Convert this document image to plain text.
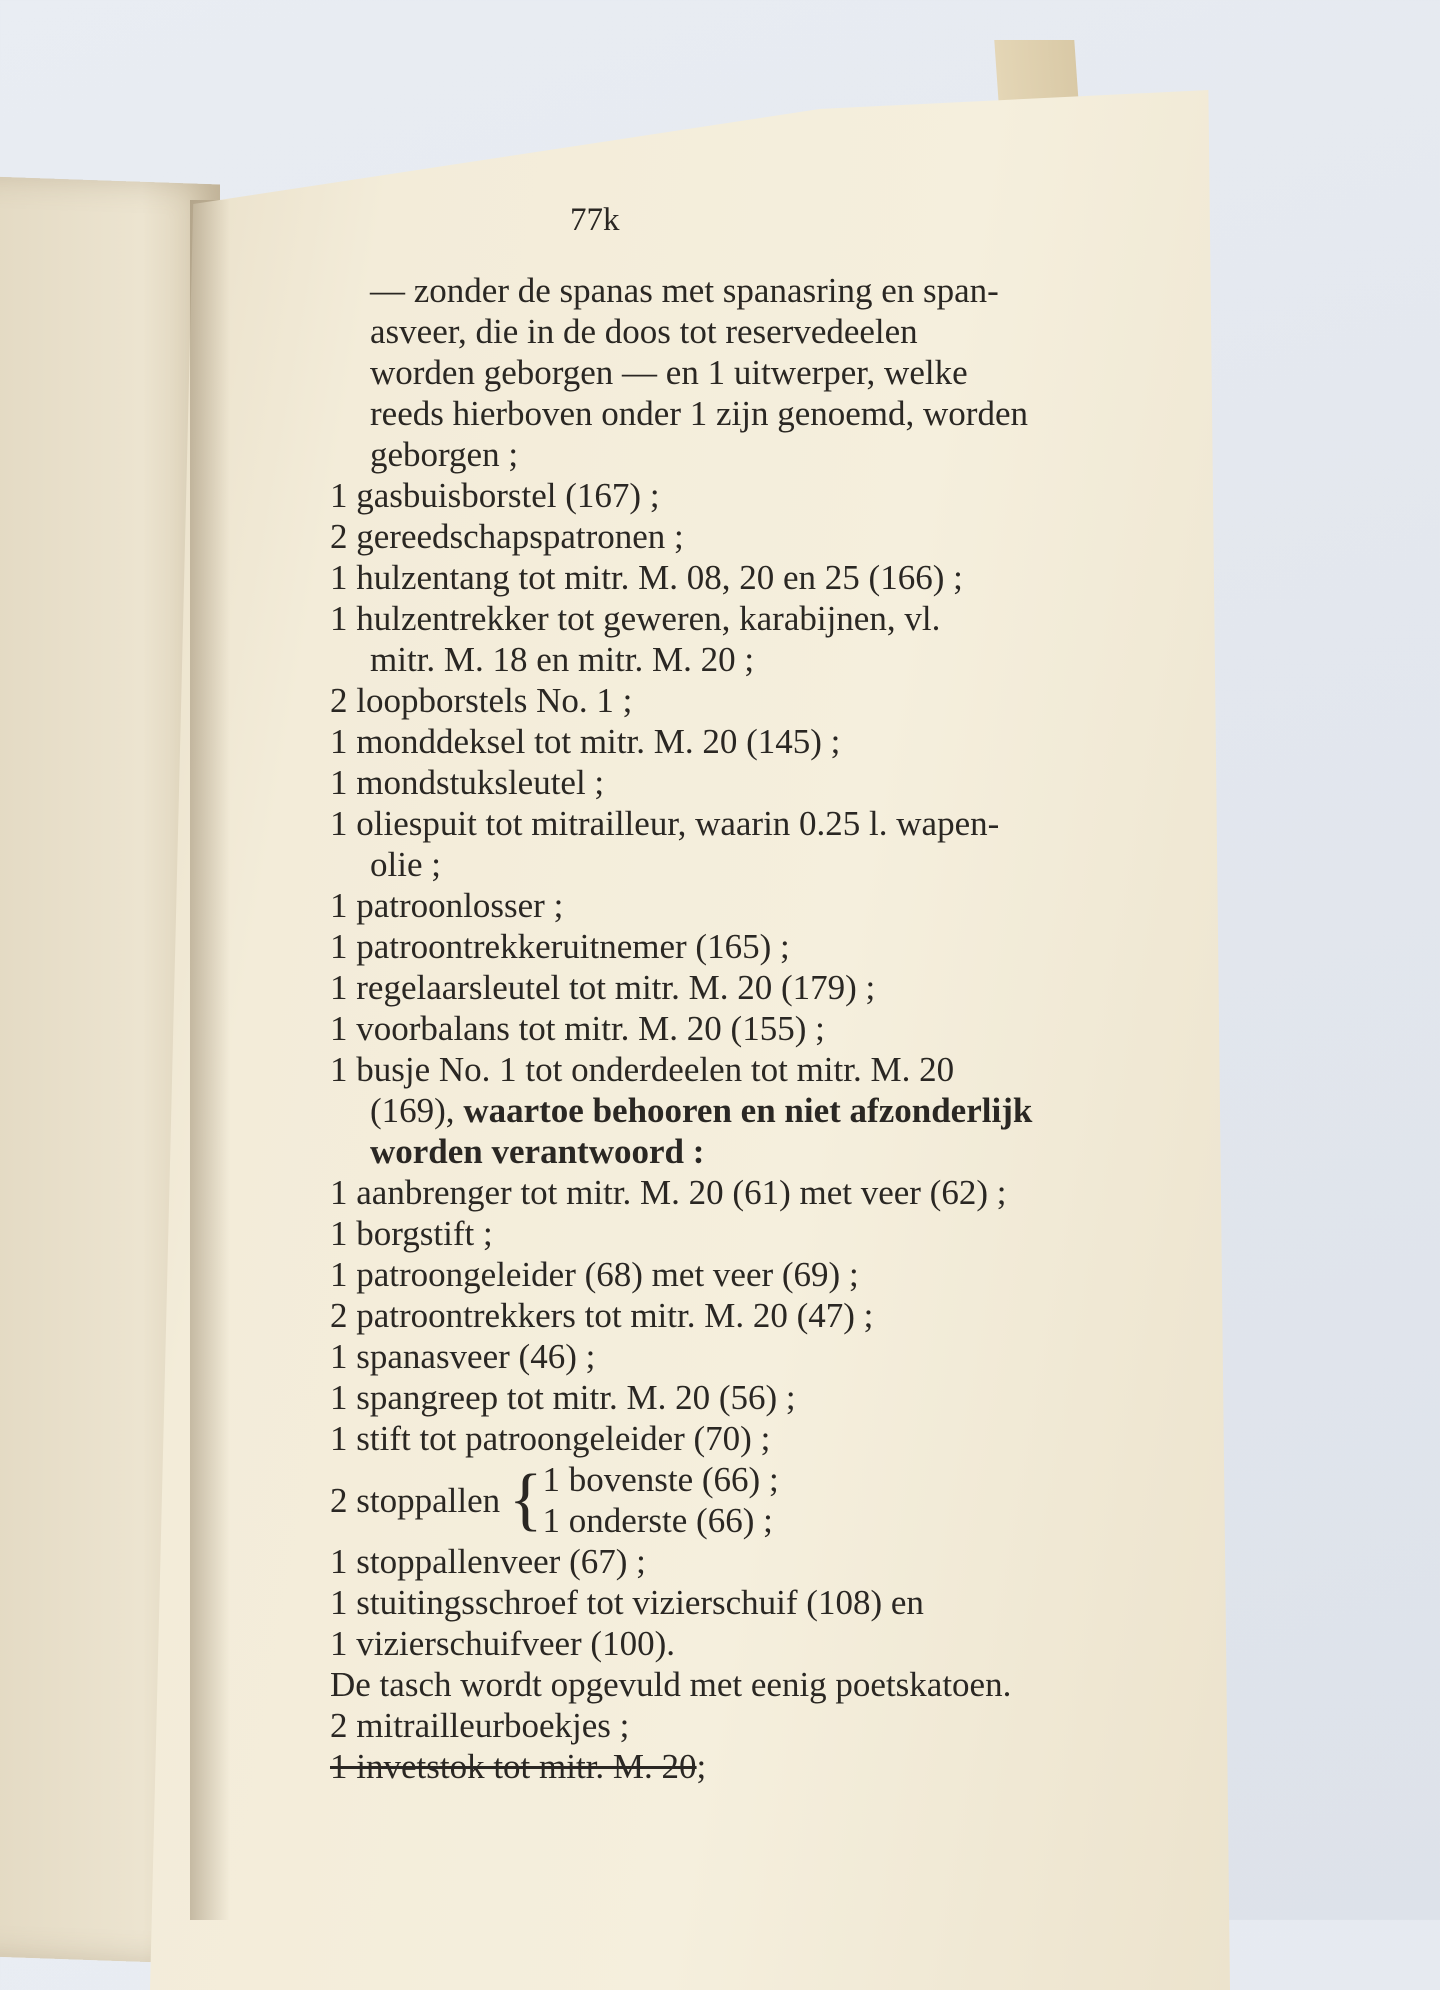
77k
— zonder de spanas met spanasring en span-
asveer, die in de doos tot reservedeelen
worden geborgen — en 1 uitwerper, welke
reeds hierboven onder 1 zijn genoemd, worden
geborgen ;
1 gasbuisborstel (167) ;
2 gereedschapspatronen ;
1 hulzentang tot mitr. M. 08, 20 en 25 (166) ;
1 hulzentrekker tot geweren, karabijnen, vl.
mitr. M. 18 en mitr. M. 20 ;
2 loopborstels No. 1 ;
1 monddeksel tot mitr. M. 20 (145) ;
1 mondstuksleutel ;
1 oliespuit tot mitrailleur, waarin 0.25 l. wapen-
olie ;
1 patroonlosser ;
1 patroontrekkeruitnemer (165) ;
1 regelaarsleutel tot mitr. M. 20 (179) ;
1 voorbalans tot mitr. M. 20 (155) ;
1 busje No. 1 tot onderdeelen tot mitr. M. 20
(169), waartoe behooren en niet afzonderlijk
worden verantwoord :
1 aanbrenger tot mitr. M. 20 (61) met veer (62) ;
1 borgstift ;
1 patroongeleider (68) met veer (69) ;
2 patroontrekkers tot mitr. M. 20 (47) ;
1 spanasveer (46) ;
1 spangreep tot mitr. M. 20 (56) ;
1 stift tot patroongeleider (70) ;
2
stoppallen
{ 1 bovenste (66) ;
1 onderste (66) ;
1 stoppallenveer (67) ;
1 stuitingsschroef tot vizierschuif (108) en
1 vizierschuifveer (100).
De tasch wordt opgevuld met eenig poetskatoen.
2 mitrailleurboekjes ;
1 invetstok tot mitr. M. 20;
